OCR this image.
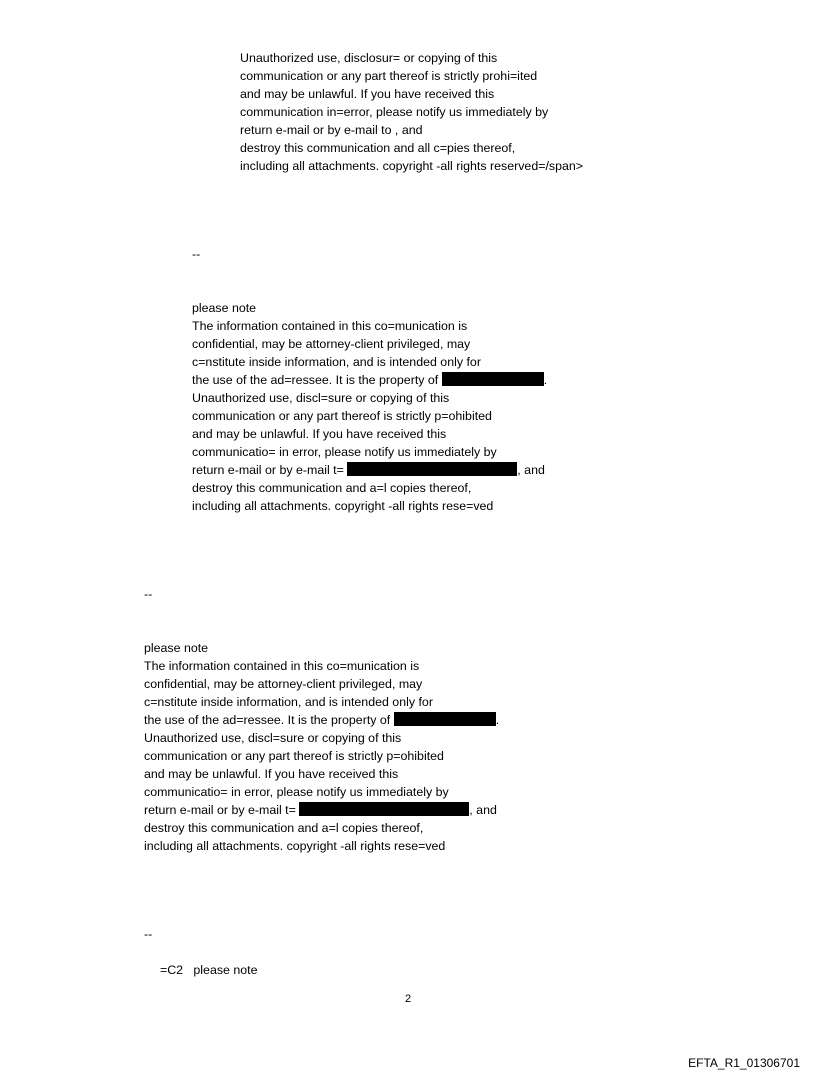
Unauthorized use, disclosur= or copying of this
communication or any part thereof is strictly prohi=ited
and may be unlawful. If you have received this
communication in=error, please notify us immediately by
return e-mail or by e-mail to , and
destroy this communication and all c=pies thereof,
including all attachments. copyright -all rights reserved=/span>
--
please note
The information contained in this co=munication is
confidential, may be attorney-client privileged, may
c=nstitute inside information, and is intended only for
the use of the ad=ressee. It is the property of	.
Unauthorized use, discl=sure or copying of this
communication or any part thereof is strictly p=ohibited
and may be unlawful. If you have received this
communicatio= in error, please notify us immediately by
return e-mail or by e-mail t=	, and
destroy this communication and a=l copies thereof,
including all attachments. copyright -all rights rese=ved
--
please note
The information contained in this co=munication is
confidential, may be attorney-client privileged, may
c=nstitute inside information, and is intended only for
the use of the ad=ressee. It is the property of	.
Unauthorized use, discl=sure or copying of this
communication or any part thereof is strictly p=ohibited
and may be unlawful. If you have received this
communicatio= in error, please notify us immediately by
return e-mail or by e-mail t=	, and
destroy this communication and a=l copies thereof,
including all attachments. copyright -all rights rese=ved
--
=C2   please note
2
EFTA_R1_01306701
